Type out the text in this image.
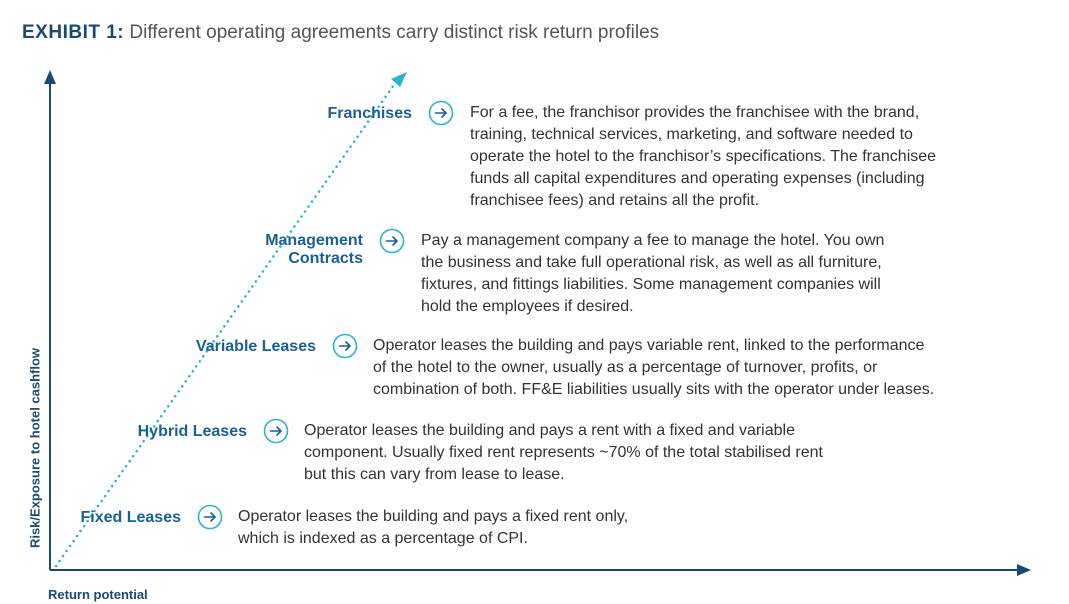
EXHIBIT 1: Different operating agreements carry distinct risk return profiles
Risk/Exposure to hotel cashflow
Return potential
Fixed Leases	Operator leases the building and pays a fixed rent only,
which is indexed as a percentage of CPI.
Hybrid Leases	Operator leases the building and pays a rent with a fixed and variable
component. Usually fixed rent represents ~70% of the total stabilised rent
but this can vary from lease to lease.
Variable Leases	Operator leases the building and pays variable rent, linked to the performance
of the hotel to the owner, usually as a percentage of turnover, profits, or
combination of both. FF&E liabilities usually sits with the operator under leases.
Management
Contracts
Pay a management company a fee to manage the hotel. You own
the business and take full operational risk, as well as all furniture,
fixtures, and fittings liabilities. Some management companies will
hold the employees if desired.
Franchises	For a fee, the franchisor provides the franchisee with the brand,
training, technical services, marketing, and software needed to
operate the hotel to the franchisor’s specifications. The franchisee
funds all capital expenditures and operating expenses (including
franchisee fees) and retains all the profit.
